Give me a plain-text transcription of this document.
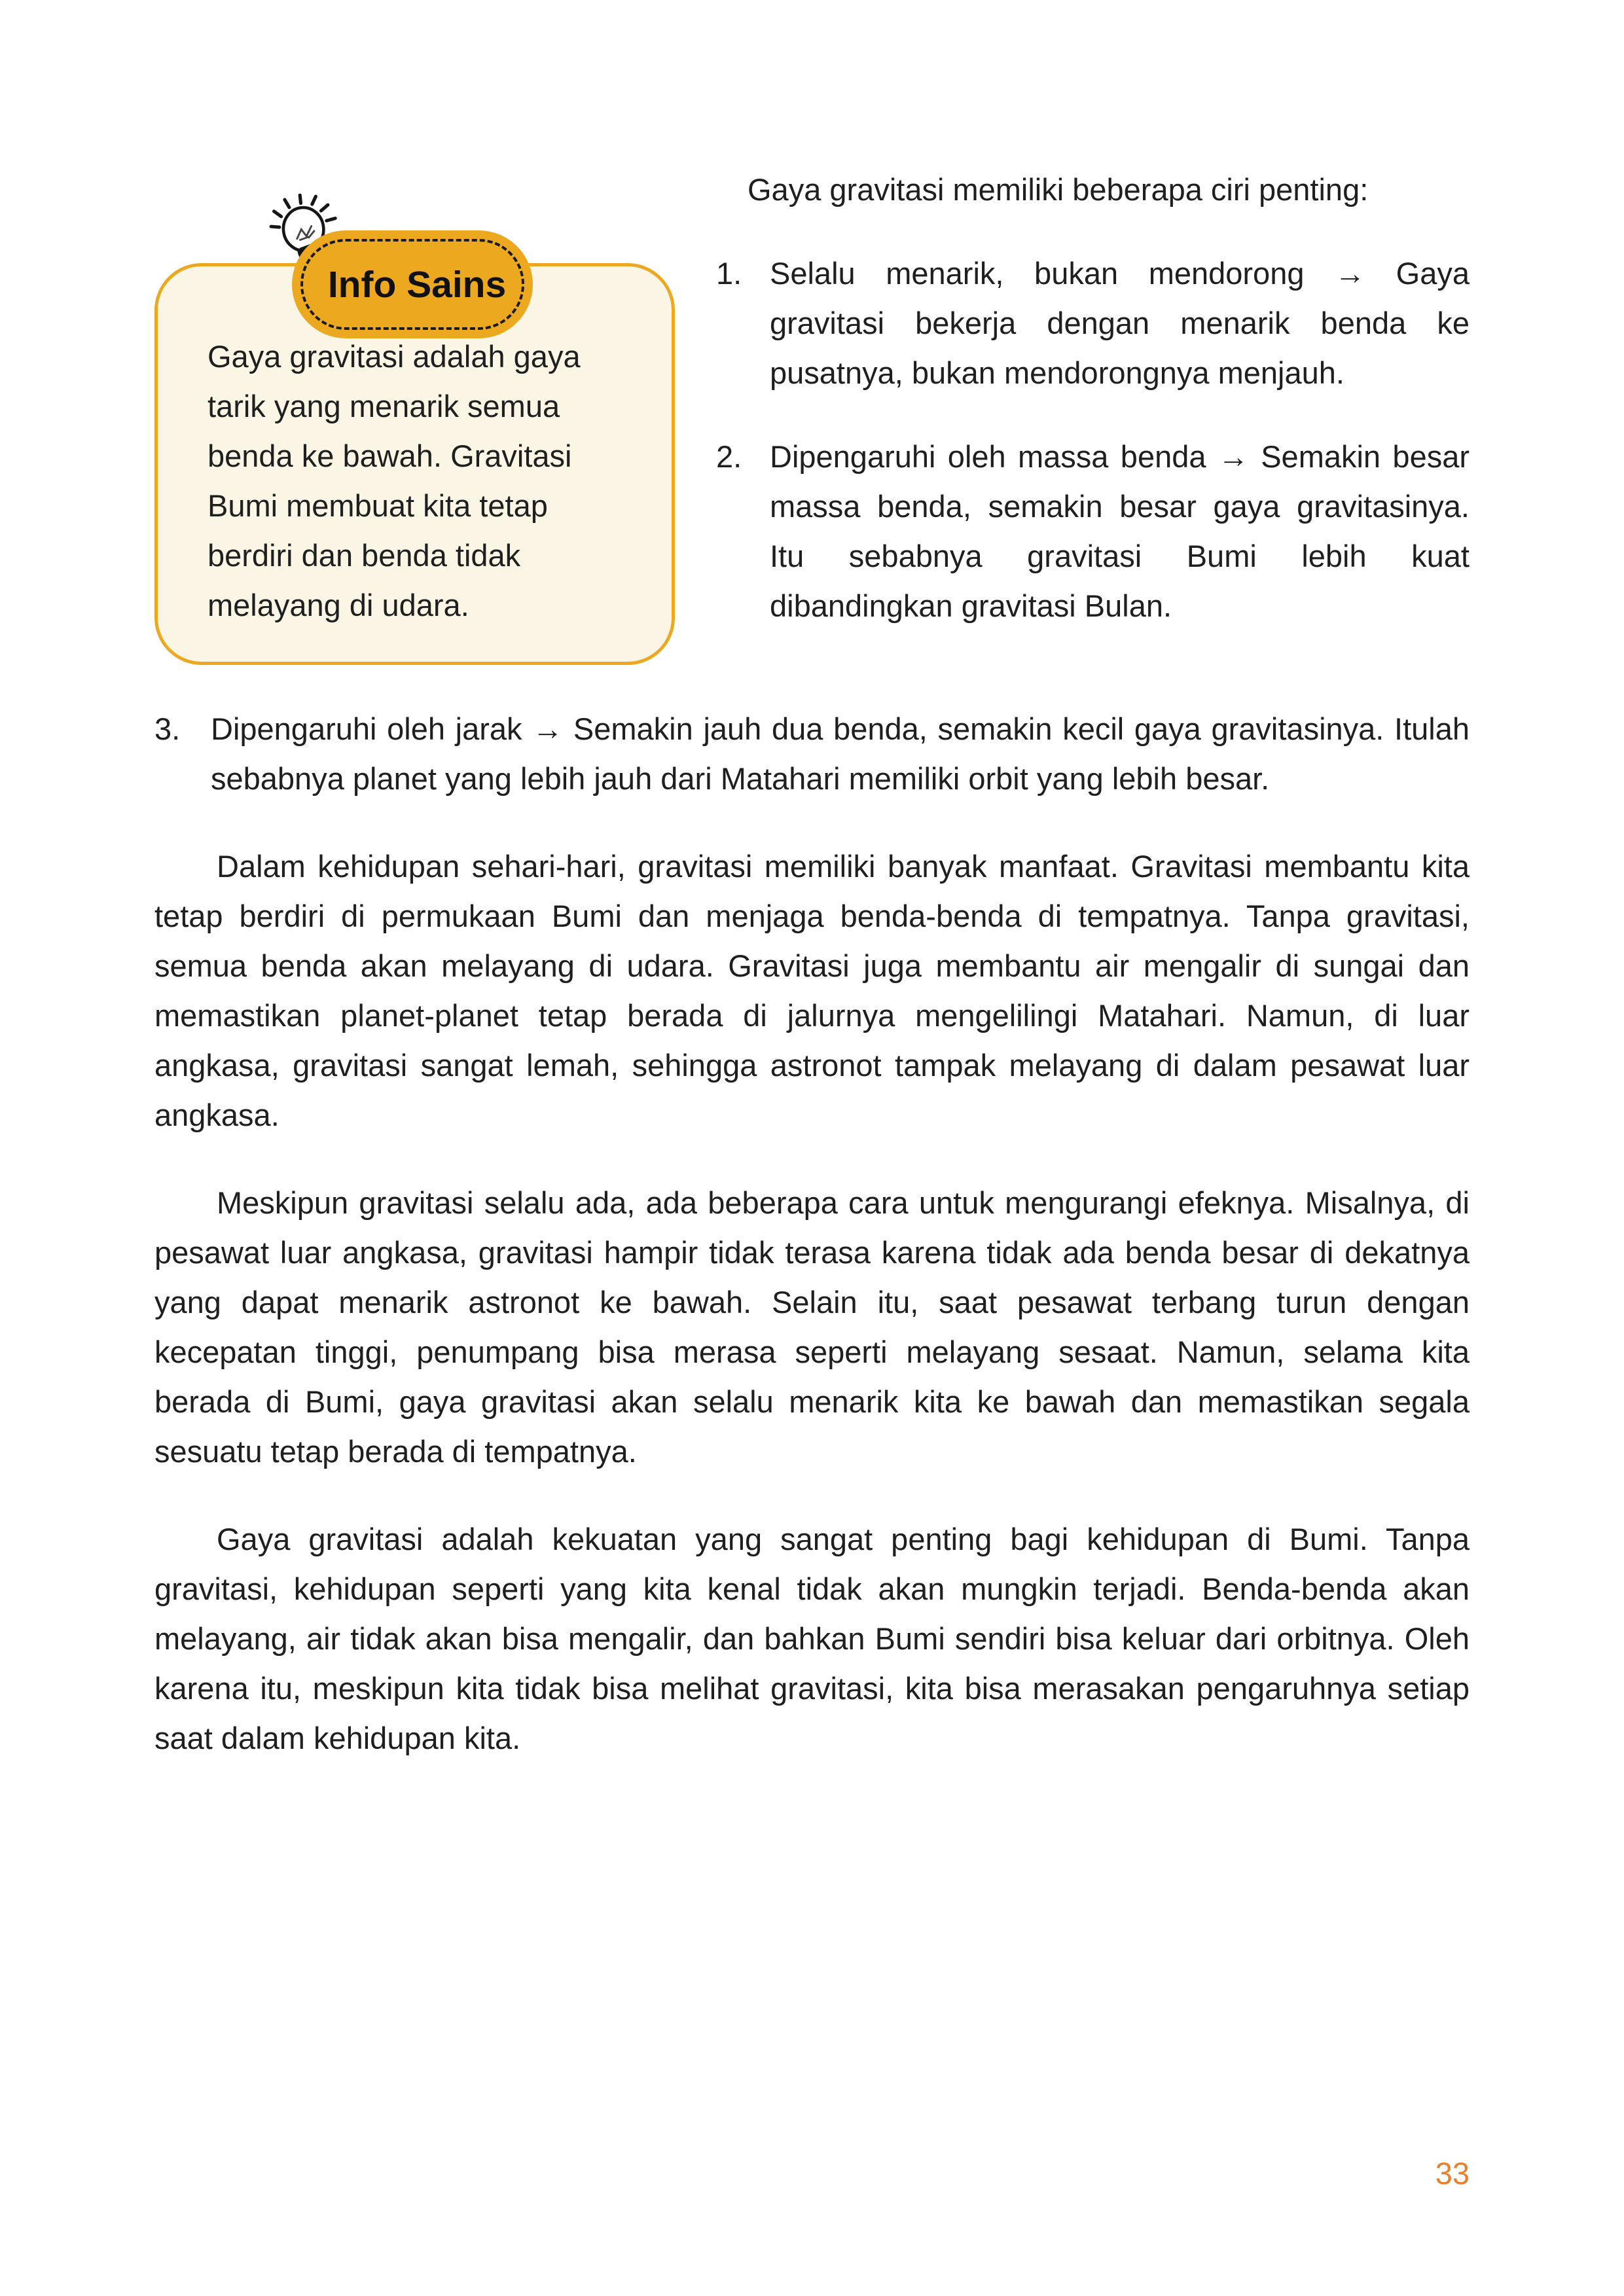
Info Sains
Gaya gravitasi adalah gaya tarik yang menarik semua benda ke bawah. Gravitasi Bumi membuat kita tetap berdiri dan benda tidak melayang di udara.

Gaya gravitasi memiliki beberapa ciri penting:

1. Selalu menarik, bukan mendorong → Gaya gravitasi bekerja dengan menarik benda ke pusatnya, bukan mendorongnya menjauh.
2. Dipengaruhi oleh massa benda → Semakin besar massa benda, semakin besar gaya gravitasinya. Itu sebabnya gravitasi Bumi lebih kuat dibandingkan gravitasi Bulan.
3. Dipengaruhi oleh jarak → Semakin jauh dua benda, semakin kecil gaya gravitasinya. Itulah sebabnya planet yang lebih jauh dari Matahari memiliki orbit yang lebih besar.

Dalam kehidupan sehari-hari, gravitasi memiliki banyak manfaat. Gravitasi membantu kita tetap berdiri di permukaan Bumi dan menjaga benda-benda di tempatnya. Tanpa gravitasi, semua benda akan melayang di udara. Gravitasi juga membantu air mengalir di sungai dan memastikan planet-planet tetap berada di jalurnya mengelilingi Matahari. Namun, di luar angkasa, gravitasi sangat lemah, sehingga astronot tampak melayang di dalam pesawat luar angkasa.

Meskipun gravitasi selalu ada, ada beberapa cara untuk mengurangi efeknya. Misalnya, di pesawat luar angkasa, gravitasi hampir tidak terasa karena tidak ada benda besar di dekatnya yang dapat menarik astronot ke bawah. Selain itu, saat pesawat terbang turun dengan kecepatan tinggi, penumpang bisa merasa seperti melayang sesaat. Namun, selama kita berada di Bumi, gaya gravitasi akan selalu menarik kita ke bawah dan memastikan segala sesuatu tetap berada di tempatnya.

Gaya gravitasi adalah kekuatan yang sangat penting bagi kehidupan di Bumi. Tanpa gravitasi, kehidupan seperti yang kita kenal tidak akan mungkin terjadi. Benda-benda akan melayang, air tidak akan bisa mengalir, dan bahkan Bumi sendiri bisa keluar dari orbitnya. Oleh karena itu, meskipun kita tidak bisa melihat gravitasi, kita bisa merasakan pengaruhnya setiap saat dalam kehidupan kita.

33
